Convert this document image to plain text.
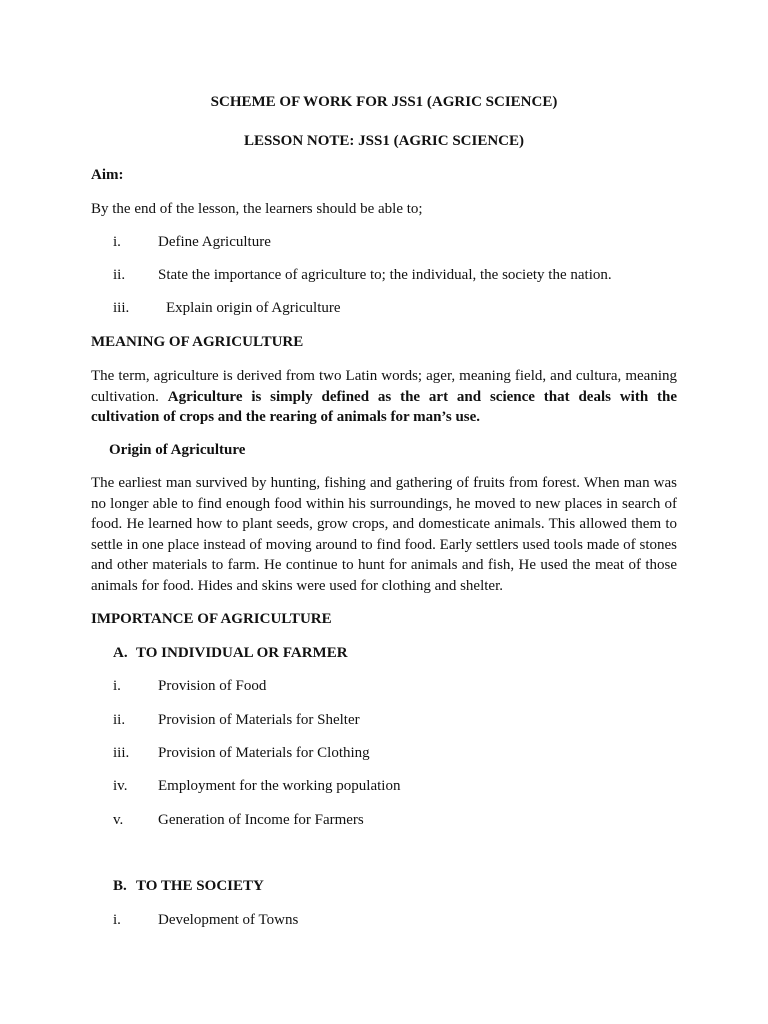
SCHEME OF WORK FOR JSS1 (AGRIC SCIENCE)
LESSON NOTE: JSS1 (AGRIC SCIENCE)
Aim:
By the end of the lesson, the learners should be able to;
i. Define Agriculture
ii. State the importance of agriculture to; the individual, the society the nation.
iii. Explain origin of Agriculture
MEANING OF AGRICULTURE
The term, agriculture is derived from two Latin words; ager, meaning field, and cultura, meaning cultivation. Agriculture is simply defined as the art and science that deals with the cultivation of crops and the rearing of animals for man’s use.
Origin of Agriculture
The earliest man survived by hunting, fishing and gathering of fruits from forest. When man was no longer able to find enough food within his surroundings, he moved to new places in search of food. He learned how to plant seeds, grow crops, and domesticate animals. This allowed them to settle in one place instead of moving around to find food. Early settlers used tools made of stones and other materials to farm. He continue to hunt for animals and fish, He used the meat of those animals for food. Hides and skins were used for clothing and shelter.
IMPORTANCE OF AGRICULTURE
A. TO INDIVIDUAL OR FARMER
i. Provision of Food
ii. Provision of Materials for Shelter
iii. Provision of Materials for Clothing
iv. Employment for the working population
v. Generation of Income for Farmers
B. TO THE SOCIETY
i. Development of Towns
